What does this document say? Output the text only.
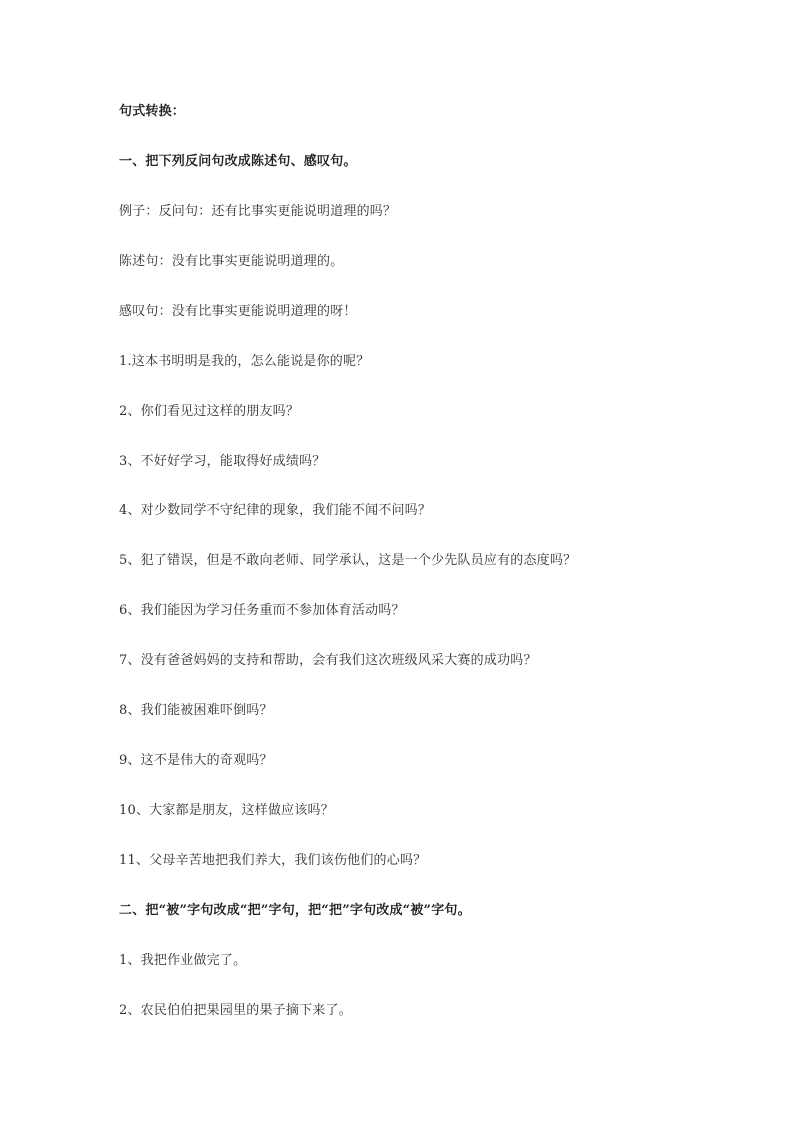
句式转换：
一、把下列反问句改成陈述句、感叹句。
例子：反问句：还有比事实更能说明道理的吗？
陈述句：没有比事实更能说明道理的。
感叹句：没有比事实更能说明道理的呀！
1.这本书明明是我的，怎么能说是你的呢？
2、你们看见过这样的朋友吗？
3、不好好学习，能取得好成绩吗？
4、对少数同学不守纪律的现象，我们能不闻不问吗？
5、犯了错误，但是不敢向老师、同学承认，这是一个少先队员应有的态度吗？
6、我们能因为学习任务重而不参加体育活动吗？
7、没有爸爸妈妈的支持和帮助，会有我们这次班级风采大赛的成功吗？
8、我们能被困难吓倒吗？
9、这不是伟大的奇观吗？
10、大家都是朋友，这样做应该吗？
11、父母辛苦地把我们养大，我们该伤他们的心吗？
二、把“被”字句改成“把”字句，把“把”字句改成“被”字句。
1、我把作业做完了。
2、农民伯伯把果园里的果子摘下来了。
